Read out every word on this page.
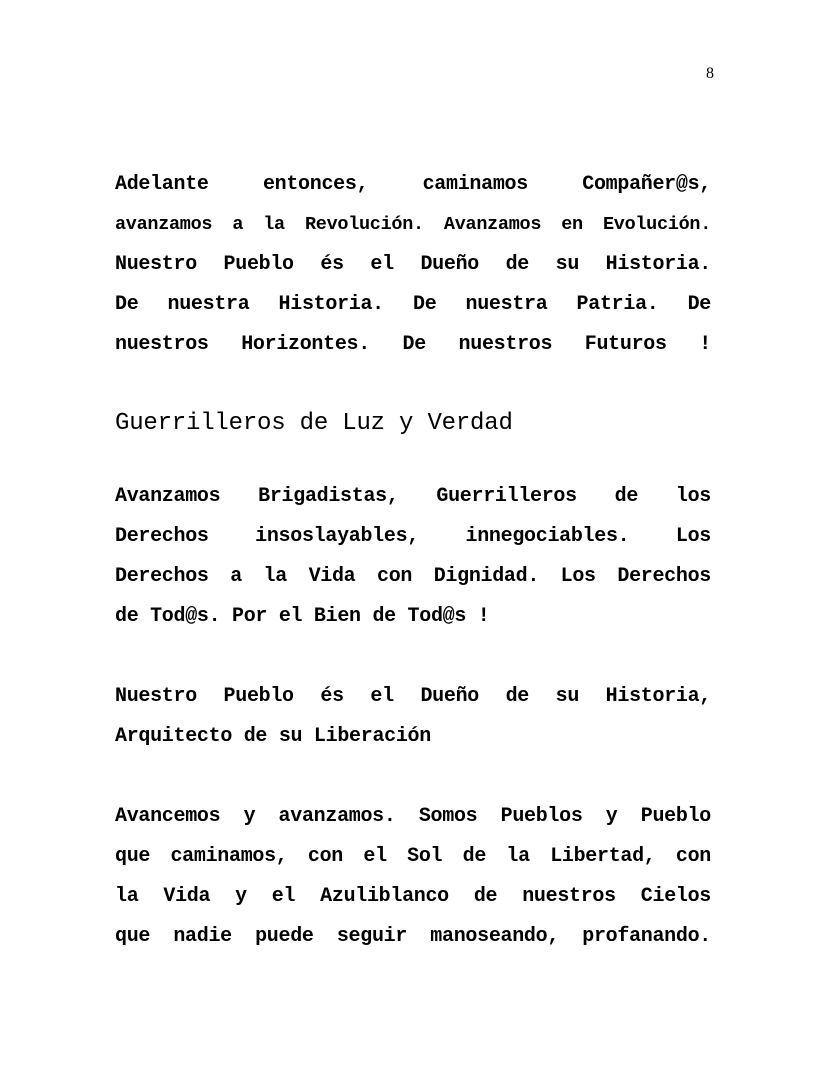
8
Adelante entonces, caminamos Compañer@s,
avanzamos a la Revolución. Avanzamos en Evolución.
Nuestro Pueblo és el Dueño de su Historia.
De nuestra Historia. De nuestra Patria. De
nuestros Horizontes. De nuestros Futuros !
Guerrilleros de Luz y Verdad
Avanzamos Brigadistas, Guerrilleros de los
Derechos insoslayables, innegociables. Los
Derechos a la Vida con Dignidad. Los Derechos
de Tod@s. Por el Bien de Tod@s !
Nuestro Pueblo és el Dueño de su Historia,
Arquitecto de su Liberación
Avancemos y avanzamos. Somos Pueblos y Pueblo
que caminamos, con el Sol de la Libertad, con
la Vida y el Azuliblanco de nuestros Cielos
que nadie puede seguir manoseando, profanando.
